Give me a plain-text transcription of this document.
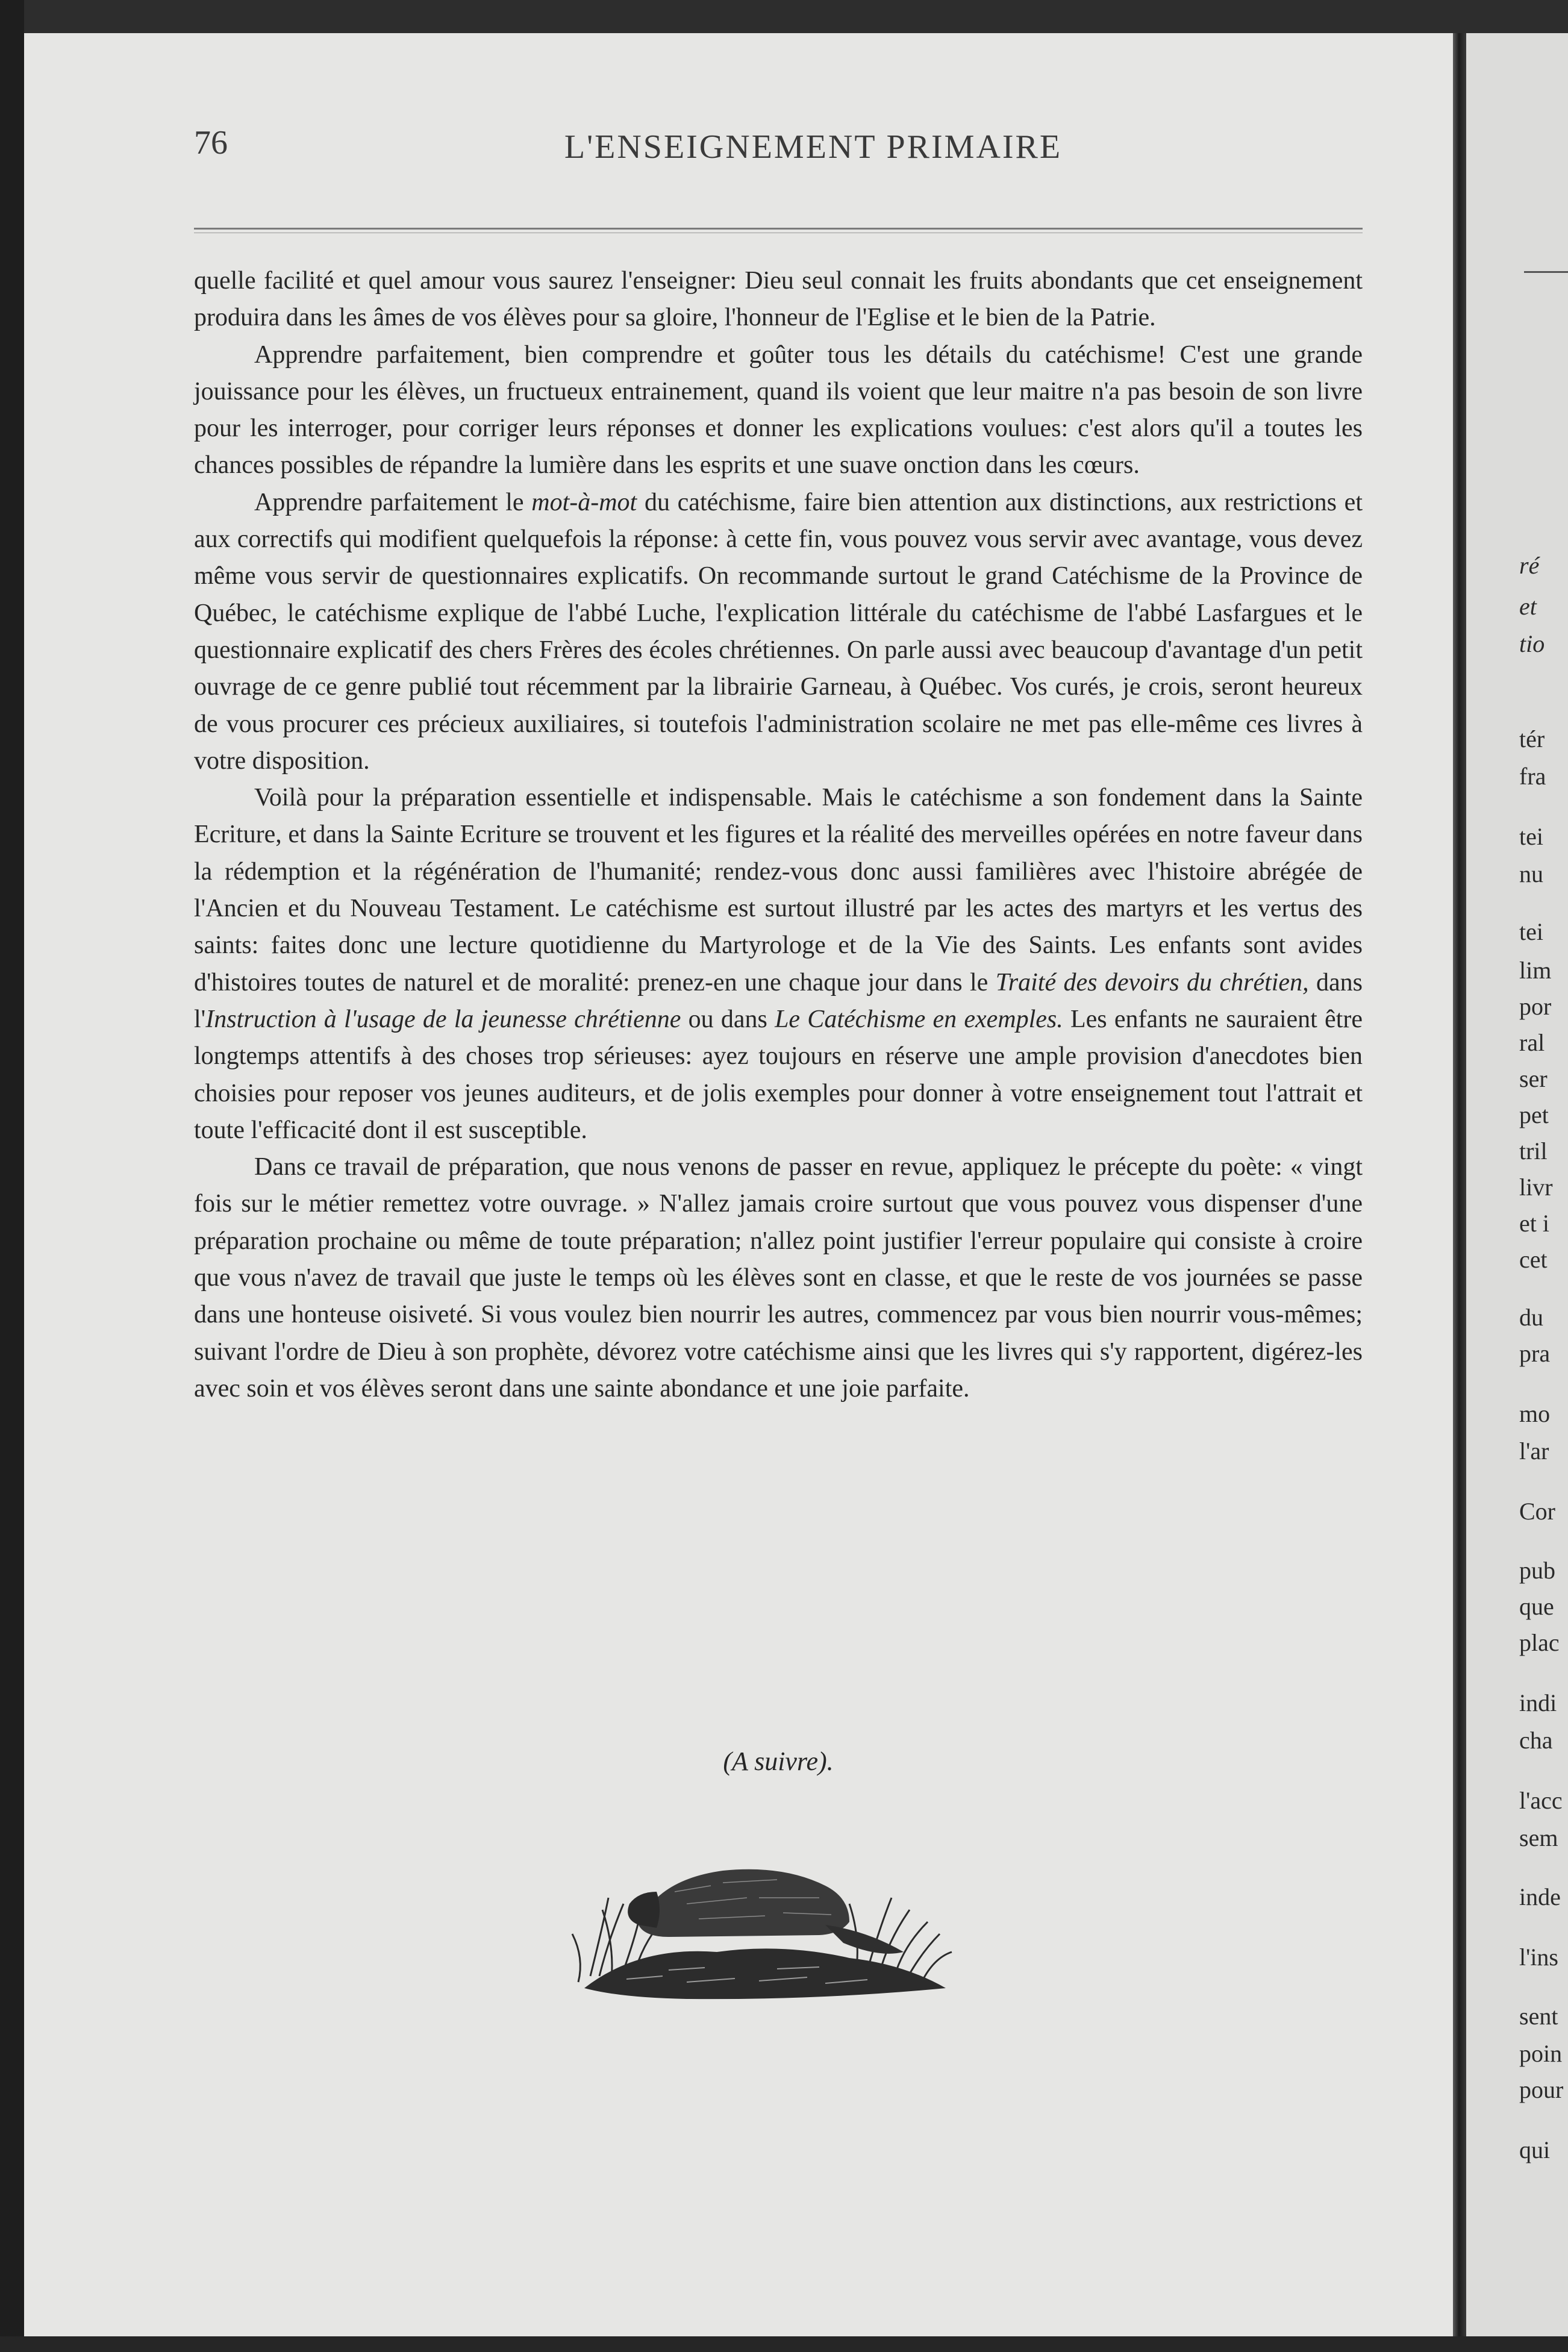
76	L'ENSEIGNEMENT PRIMAIRE

quelle facilité et quel amour vous saurez l'enseigner: Dieu seul connait les fruits abondants que cet enseignement produira dans les âmes de vos élèves pour sa gloire, l'honneur de l'Eglise et le bien de la Patrie.

Apprendre parfaitement, bien comprendre et goûter tous les détails du catéchisme! C'est une grande jouissance pour les élèves, un fructueux entrainement, quand ils voient que leur maitre n'a pas besoin de son livre pour les interroger, pour corriger leurs réponses et donner les explications voulues: c'est alors qu'il a toutes les chances possibles de répandre la lumière dans les esprits et une suave onction dans les cœurs.

Apprendre parfaitement le mot-à-mot du catéchisme, faire bien attention aux distinctions, aux restrictions et aux correctifs qui modifient quelquefois la réponse: à cette fin, vous pouvez vous servir avec avantage, vous devez même vous servir de questionnaires explicatifs. On recommande surtout le grand Catéchisme de la Province de Québec, le catéchisme explique de l'abbé Luche, l'explication littérale du catéchisme de l'abbé Lasfargues et le questionnaire explicatif des chers Frères des écoles chrétiennes. On parle aussi avec beaucoup d'avantage d'un petit ouvrage de ce genre publié tout récemment par la librairie Garneau, à Québec. Vos curés, je crois, seront heureux de vous procurer ces précieux auxiliaires, si toutefois l'administration scolaire ne met pas elle-même ces livres à votre disposition.

Voilà pour la préparation essentielle et indispensable. Mais le catéchisme a son fondement dans la Sainte Ecriture, et dans la Sainte Ecriture se trouvent et les figures et la réalité des merveilles opérées en notre faveur dans la rédemption et la régénération de l'humanité; rendez-vous donc aussi familières avec l'histoire abrégée de l'Ancien et du Nouveau Testament. Le catéchisme est surtout illustré par les actes des martyrs et les vertus des saints: faites donc une lecture quotidienne du Martyrologe et de la Vie des Saints. Les enfants sont avides d'histoires toutes de naturel et de moralité: prenez-en une chaque jour dans le Traité des devoirs du chrétien, dans l'Instruction à l'usage de la jeunesse chrétienne ou dans Le Catéchisme en exemples. Les enfants ne sauraient être longtemps attentifs à des choses trop sérieuses: ayez toujours en réserve une ample provision d'anecdotes bien choisies pour reposer vos jeunes auditeurs, et de jolis exemples pour donner à votre enseignement tout l'attrait et toute l'efficacité dont il est susceptible.

Dans ce travail de préparation, que nous venons de passer en revue, appliquez le précepte du poète: « vingt fois sur le métier remettez votre ouvrage. » N'allez jamais croire surtout que vous pouvez vous dispenser d'une préparation prochaine ou même de toute préparation; n'allez point justifier l'erreur populaire qui consiste à croire que vous n'avez de travail que juste le temps où les élèves sont en classe, et que le reste de vos journées se passe dans une honteuse oisiveté. Si vous voulez bien nourrir les autres, commencez par vous bien nourrir vous-mêmes; suivant l'ordre de Dieu à son prophète, dévorez votre catéchisme ainsi que les livres qui s'y rapportent, digérez-les avec soin et vos élèves seront dans une sainte abondance et une joie parfaite.

(A suivre).
ré
et
tio
tér
fra
tei
nu
tei
lim
por
ral
ser
pet
tril
livr
et i
cet
du
pra
mo
l'ar
Cor
pub
que
plac
indi
cha
l'acc
sem
inde
l'ins
sent
poin
pour
qui
